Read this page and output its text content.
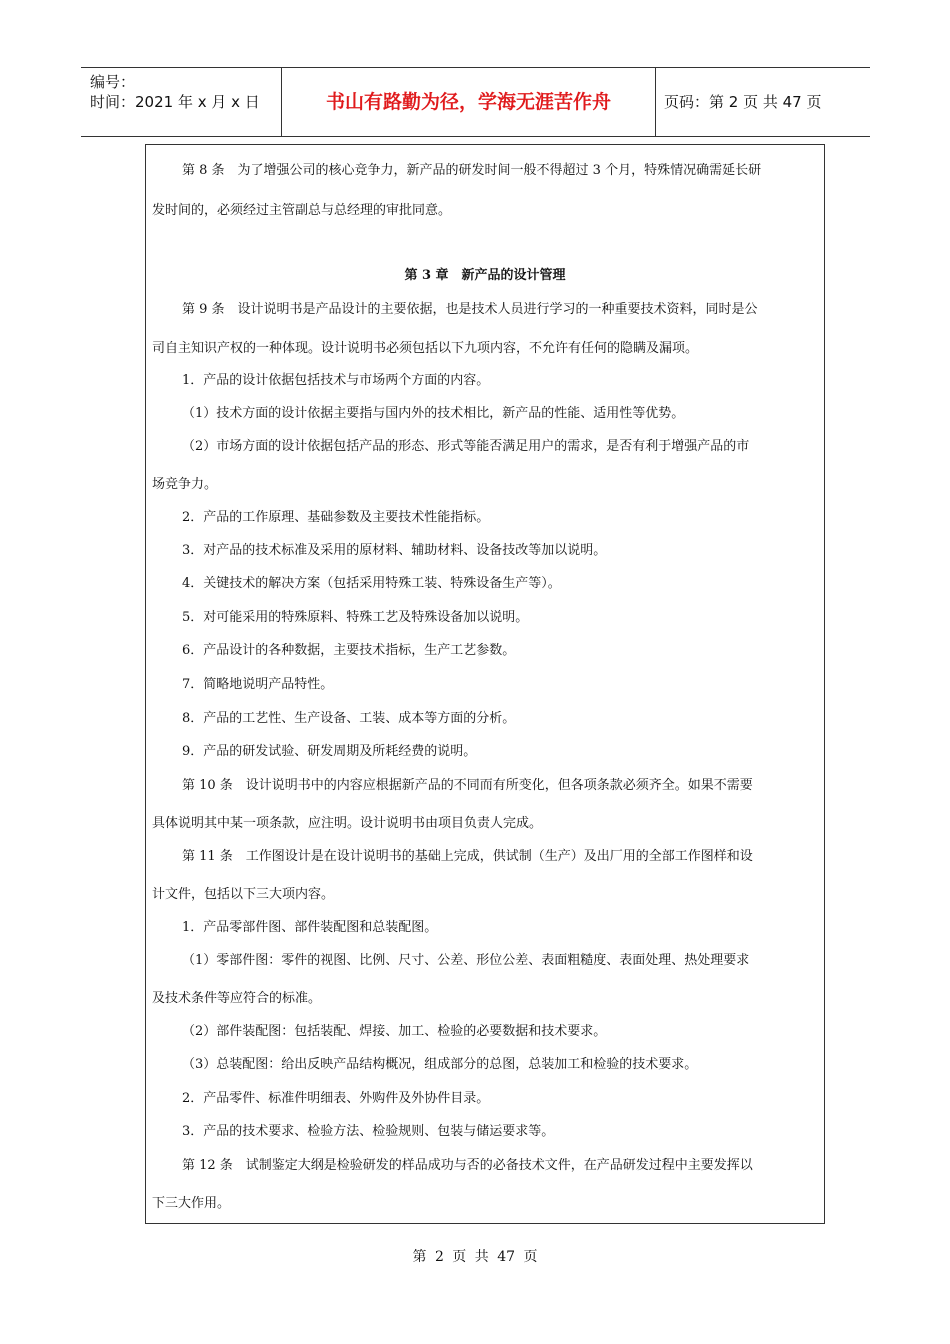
编号：
时间：2021 年 x 月 x 日	书山有路勤为径，学海无涯苦作舟	页码：第 2 页 共 47 页
第 8 条　为了增强公司的核心竞争力，新产品的研发时间一般不得超过 3 个月，特殊情况确需延长研
发时间的，必须经过主管副总与总经理的审批同意。
第 3 章　新产品的设计管理
第 9 条　设计说明书是产品设计的主要依据，也是技术人员进行学习的一种重要技术资料，同时是公
司自主知识产权的一种体现。设计说明书必须包括以下九项内容，不允许有任何的隐瞒及漏项。
1．产品的设计依据包括技术与市场两个方面的内容。
（1）技术方面的设计依据主要指与国内外的技术相比，新产品的性能、适用性等优势。
（2）市场方面的设计依据包括产品的形态、形式等能否满足用户的需求，是否有利于增强产品的市
场竞争力。
2．产品的工作原理、基础参数及主要技术性能指标。
3．对产品的技术标准及采用的原材料、辅助材料、设备技改等加以说明。
4．关键技术的解决方案（包括采用特殊工装、特殊设备生产等）。
5．对可能采用的特殊原料、特殊工艺及特殊设备加以说明。
6．产品设计的各种数据，主要技术指标，生产工艺参数。
7．简略地说明产品特性。
8．产品的工艺性、生产设备、工装、成本等方面的分析。
9．产品的研发试验、研发周期及所耗经费的说明。
第 10 条　设计说明书中的内容应根据新产品的不同而有所变化，但各项条款必须齐全。如果不需要
具体说明其中某一项条款，应注明。设计说明书由项目负责人完成。
第 11 条　工作图设计是在设计说明书的基础上完成，供试制（生产）及出厂用的全部工作图样和设
计文件，包括以下三大项内容。
1．产品零部件图、部件装配图和总装配图。
（1）零部件图：零件的视图、比例、尺寸、公差、形位公差、表面粗糙度、表面处理、热处理要求
及技术条件等应符合的标准。
（2）部件装配图：包括装配、焊接、加工、检验的必要数据和技术要求。
（3）总装配图：给出反映产品结构概况，组成部分的总图，总装加工和检验的技术要求。
2．产品零件、标准件明细表、外购件及外协件目录。
3．产品的技术要求、检验方法、检验规则、包装与储运要求等。
第 12 条　试制鉴定大纲是检验研发的样品成功与否的必备技术文件，在产品研发过程中主要发挥以
下三大作用。
第 2 页 共 47 页
